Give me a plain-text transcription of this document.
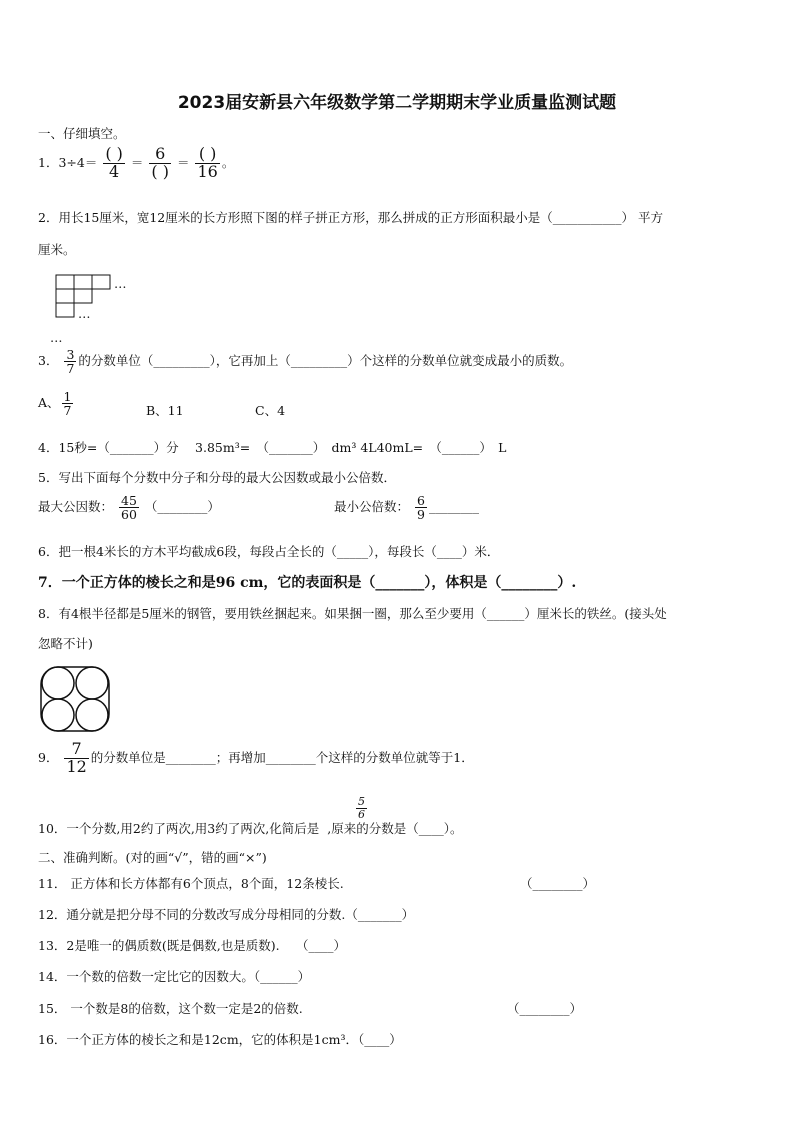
2023届安新县六年级数学第二学期期末学业质量监测试题
一、仔细填空。
1．$3\div 4= \frac{( )}{4} = \frac{6}{( )} = \frac{( )}{16}$ 。
2．用长15厘米，宽12厘米的长方形照下图的样子拼正方形，那么拼成的正方形面积最小是（___________） 平方
厘米。
…
…
…
3． $\frac{3}{7}$ 的分数单位（_________），它再加上（_________）个这样的分数单位就变成最小的质数。
A、 $\frac{1}{7}$	B、11	C、4
4．15秒=（_______）分　 3.85m³=　（_______）　dm³ 4L40mL=　（______）　L
5．写出下面每个分数中分子和分母的最大公因数或最小公倍数．
最大公因数： $\frac{45}{60}$ （________）	最小公倍数： $\frac{6}{9}$ ________
6．把一根4米长的方木平均截成6段，每段占全长的（_____），每段长（____）米．
7．一个正方体的棱长之和是96 cm，它的表面积是（_______），体积是（________）.
8．有4根半径都是5厘米的钢管，要用铁丝捆起来。如果捆一圈，那么至少要用（______）厘米长的铁丝。(接头处
忽略不计)
9． $\frac{7}{12}$ 的分数单位是________；再增加________个这样的分数单位就等于1．
10．一个分数,用2约了两次,用3约了两次,化简后是 ,原来的分数是（____）。
$\frac{5}{6}$
二、准确判断。(对的画“√”，错的画“×”)
11． 正方体和长方体都有6个顶点，8个面，12条棱长.	（________）
12．通分就是把分母不同的分数改写成分母相同的分数.（_______）
13．2是唯一的偶质数(既是偶数,也是质数).　 （____）
14．一个数的倍数一定比它的因数大。（______）
15． 一个数是8的倍数，这个数一定是2的倍数.	（________）
16．一个正方体的棱长之和是12cm，它的体积是1cm³．（____）
